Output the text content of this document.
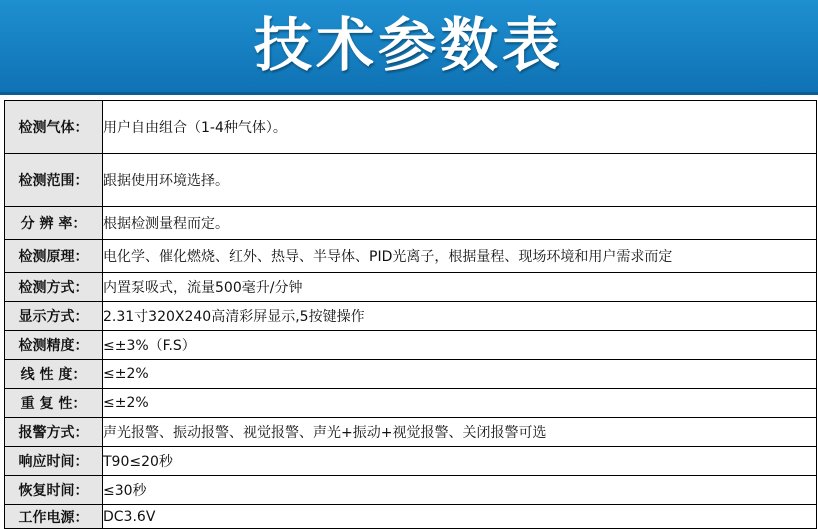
技术参数表
检测气体：	用户自由组合（1-4种气体）。
检测范围：	跟据使用环境选择。
分 辨 率：	根据检测量程而定。
检测原理：	电化学、催化燃烧、红外、热导、半导体、PID光离子，根据量程、现场环境和用户需求而定
检测方式：	内置泵吸式，流量500毫升/分钟
显示方式：	2.31寸320X240高清彩屏显示,5按键操作
检测精度：	≤±3%（F.S）
线 性 度：	≤±2%
重 复 性：	≤±2%
报警方式：	声光报警、振动报警、视觉报警、声光+振动+视觉报警、关闭报警可选
响应时间：	T90≤20秒
恢复时间：	≤30秒
工作电源：	DC3.6V
